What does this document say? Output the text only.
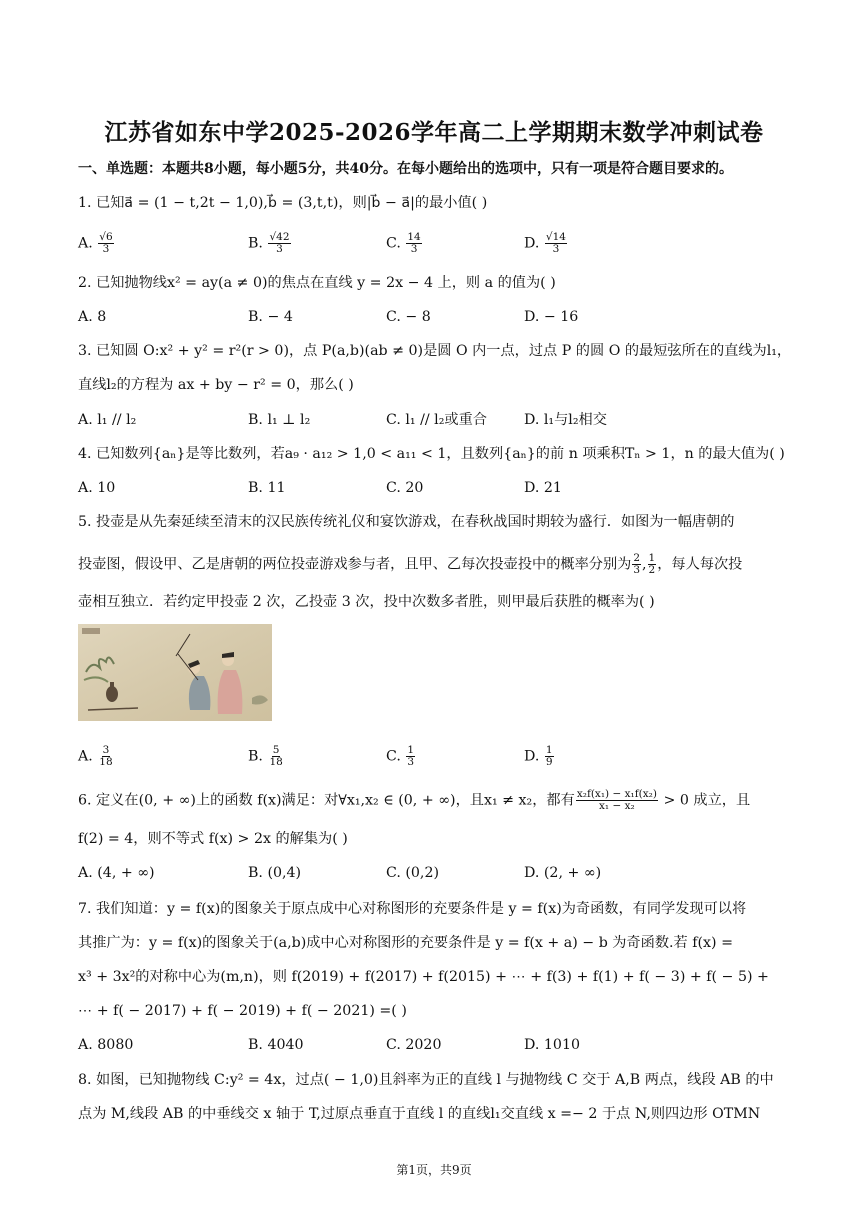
江苏省如东中学2025-2026学年高二上学期期末数学冲刺试卷
一、单选题：本题共8小题，每小题5分，共40分。在每小题给出的选项中，只有一项是符合题目要求的。
1. 已知a⃗ = (1 − t,2t − 1,0),b⃗ = (3,t,t)，则|b⃗ − a⃗|的最小值( )
A. $\frac{√6}{3}$	B. $\frac{√42}{3}$	C. $\frac{14}{3}$	D. $\frac{√14}{3}$
2. 已知抛物线x² = ay(a ≠ 0)的焦点在直线 y = 2x − 4 上，则 a 的值为( )
A. 8	B. − 4	C. − 8	D. − 16
3. 已知圆 O:x² + y² = r²(r > 0)，点 P(a,b)(ab ≠ 0)是圆 O 内一点，过点 P 的圆 O 的最短弦所在的直线为l₁，
直线l₂的方程为 ax + by − r² = 0，那么( )
A. l₁ // l₂	B. l₁ ⊥ l₂	C. l₁ // l₂或重合	D. l₁与l₂相交
4. 已知数列{aₙ}是等比数列，若a₉ · a₁₂ > 1,0 < a₁₁ < 1，且数列{aₙ}的前 n 项乘积Tₙ > 1，n 的最大值为( )
A. 10	B. 11	C. 20	D. 21
5. 投壶是从先秦延续至清末的汉民族传统礼仪和宴饮游戏，在春秋战国时期较为盛行．如图为一幅唐朝的
投壶图，假设甲、乙是唐朝的两位投壶游戏参与者，且甲、乙每次投壶投中的概率分别为 $\frac{2}{3}$ , $\frac{1}{2}$ ，每人每次投
壶相互独立．若约定甲投壶 2 次，乙投壶 3 次，投中次数多者胜，则甲最后获胜的概率为( )
A. $\frac{3}{18}$	B. $\frac{5}{18}$	C. $\frac{1}{3}$	D. $\frac{1}{9}$
6. 定义在(0, + ∞)上的函数 f(x)满足：对∀x₁,x₂ ∈ (0, + ∞)，且x₁ ≠ x₂，都有 $\frac{\text{x₂f(x₁) − x₁f(x₂)}}{\text{x₁ − x₂}} > 0$ 成立，且
f(2) = 4，则不等式 f(x) > 2x 的解集为( )
A. (4, + ∞)	B. (0,4)	C. (0,2)	D. (2, + ∞)
7. 我们知道：y = f(x)的图象关于原点成中心对称图形的充要条件是 y = f(x)为奇函数，有同学发现可以将
其推广为：y = f(x)的图象关于(a,b)成中心对称图形的充要条件是 y = f(x + a) − b 为奇函数.若 f(x) =
x³ + 3x²的对称中心为(m,n)，则 f(2019) + f(2017) + f(2015) + ⋯ + f(3) + f(1) + f( − 3) + f( − 5) +
⋯ + f( − 2017) + f( − 2019) + f( − 2021) =( )
A. 8080	B. 4040	C. 2020	D. 1010
8. 如图，已知抛物线 C:y² = 4x，过点( − 1,0)且斜率为正的直线 l 与抛物线 C 交于 A,B 两点，线段 AB 的中
点为 M,线段 AB 的中垂线交 x 轴于 T,过原点垂直于直线 l 的直线l₁交直线 x =− 2 于点 N,则四边形 OTMN
第1页，共9页
